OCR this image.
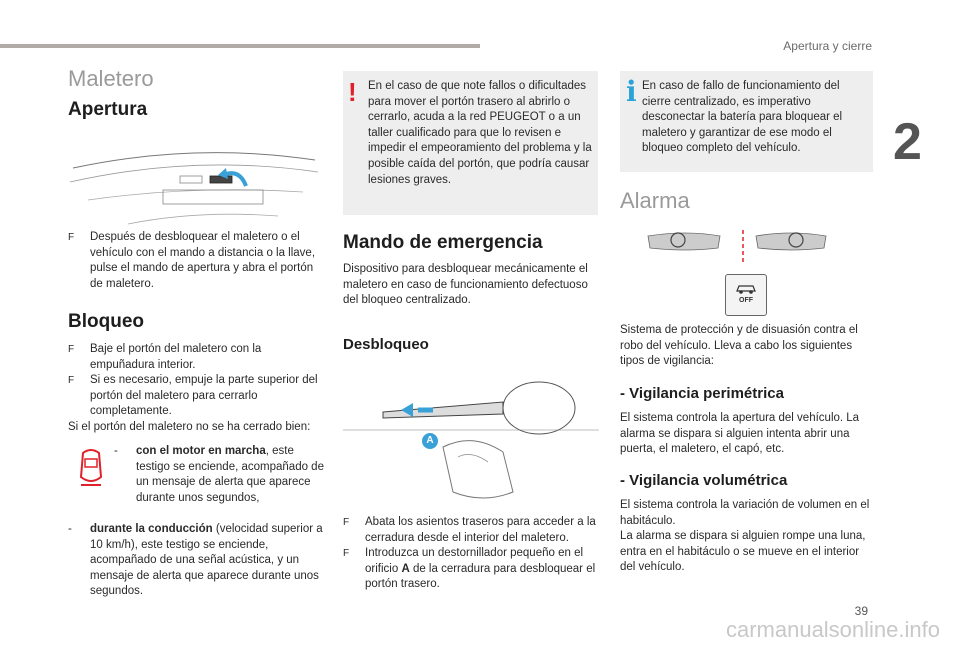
Apertura y cierre
2
Maletero
Apertura
F Después de desbloquear el maletero o el vehículo con el mando a distancia o la llave, pulse el mando de apertura y abra el portón de maletero.
Bloqueo
F Baje el portón del maletero con la empuñadura interior.
F Si es necesario, empuje la parte superior del portón del maletero para cerrarlo completamente.
Si el portón del maletero no se ha cerrado bien:
- con el motor en marcha, este testigo se enciende, acompañado de un mensaje de alerta que aparece durante unos segundos,
- durante la conducción (velocidad superior a 10 km/h), este testigo se enciende, acompañado de una señal acústica, y un mensaje de alerta que aparece durante unos segundos.
! En el caso de que note fallos o dificultades para mover el portón trasero al abrirlo o cerrarlo, acuda a la red PEUGEOT o a un taller cualificado para que lo revisen e impedir el empeoramiento del problema y la posible caída del portón, que podría causar lesiones graves.
Mando de emergencia
Dispositivo para desbloquear mecánicamente el maletero en caso de funcionamiento defectuoso del bloqueo centralizado.
Desbloqueo
A
F Abata los asientos traseros para acceder a la cerradura desde el interior del maletero.
F Introduzca un destornillador pequeño en el orificio A de la cerradura para desbloquear el portón trasero.
i En caso de fallo de funcionamiento del cierre centralizado, es imperativo desconectar la batería para bloquear el maletero y garantizar de ese modo el bloqueo completo del vehículo.
Alarma
OFF
Sistema de protección y de disuasión contra el robo del vehículo. Lleva a cabo los siguientes tipos de vigilancia:
- Vigilancia perimétrica
El sistema controla la apertura del vehículo. La alarma se dispara si alguien intenta abrir una puerta, el maletero, el capó, etc.
- Vigilancia volumétrica
El sistema controla la variación de volumen en el habitáculo.
La alarma se dispara si alguien rompe una luna, entra en el habitáculo o se mueve en el interior del vehículo.
39
carmanualsonline.info
